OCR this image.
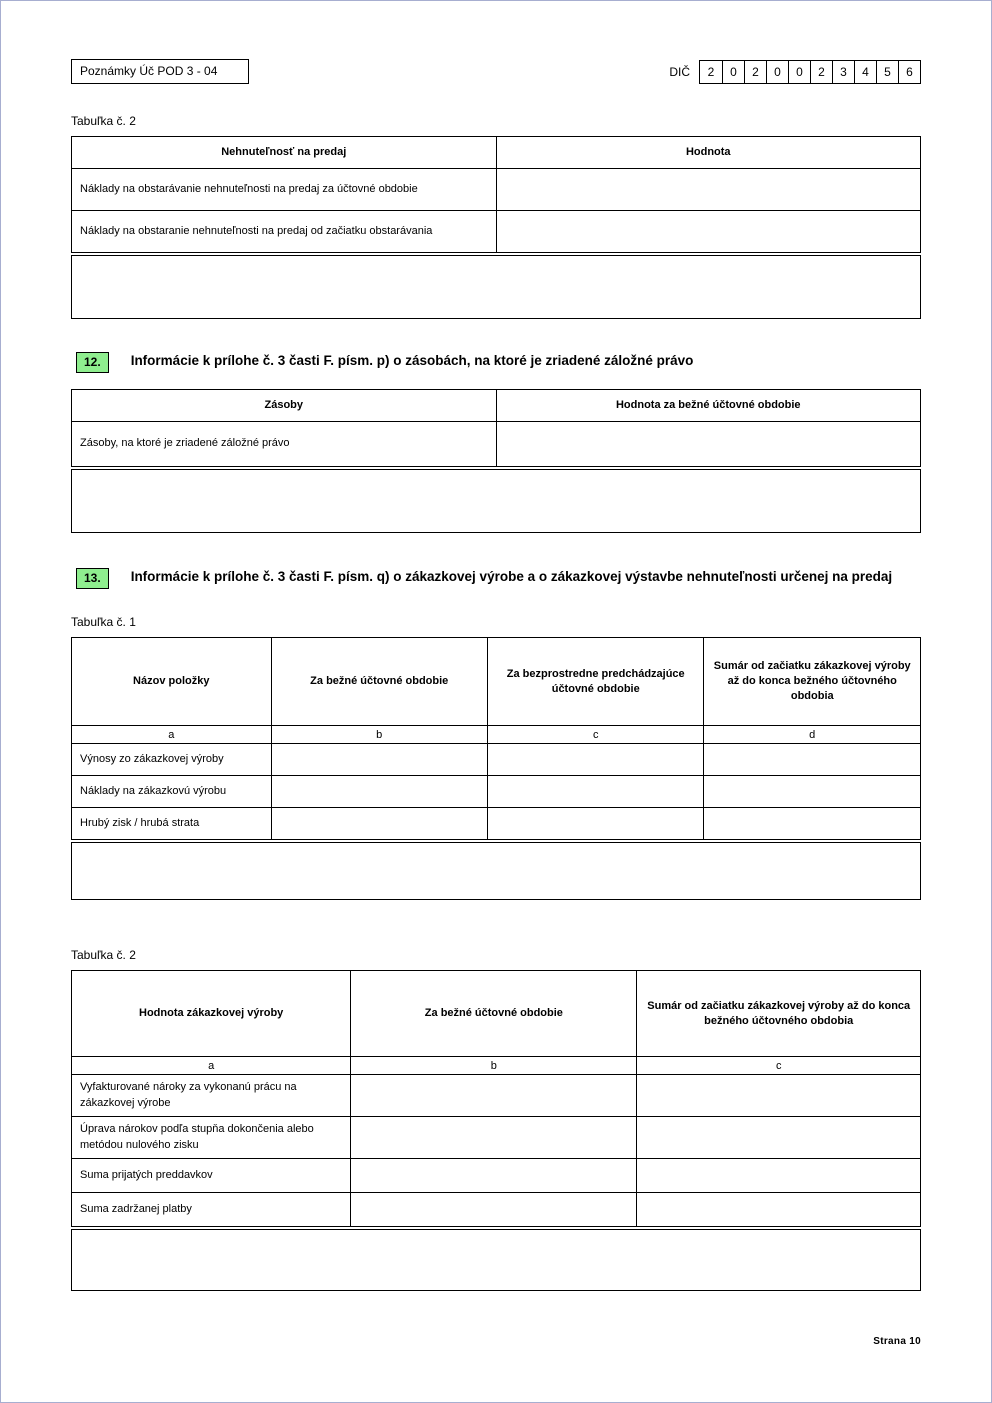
Poznámky Úč POD 3 - 04	DIČ	2	0	2	0	0	2	3	4	5	6
Tabuľka č. 2
Nehnuteľnosť na predaj	Hodnota
Náklady na obstarávanie nehnuteľnosti na predaj za účtovné obdobie	
Náklady na obstaranie nehnuteľnosti na predaj od začiatku obstarávania	
12.	Informácie k prílohe č. 3 časti F. písm. p) o zásobách, na ktoré je zriadené záložné právo
Zásoby	Hodnota za bežné účtovné obdobie
Zásoby, na ktoré je zriadené záložné právo	
13.	Informácie k prílohe č. 3 časti F. písm. q) o zákazkovej výrobe a o zákazkovej výstavbe nehnuteľnosti určenej na predaj
Tabuľka č. 1
Názov položky	Za bežné účtovné obdobie	Za bezprostredne predchádzajúce účtovné obdobie	Sumár od začiatku zákazkovej výroby až do konca bežného účtovného obdobia
a	b	c	d
Výnosy zo zákazkovej výroby			
Náklady na zákazkovú výrobu			
Hrubý zisk / hrubá strata			
Tabuľka č. 2
Hodnota zákazkovej výroby	Za bežné účtovné obdobie	Sumár od začiatku zákazkovej výroby až do konca bežného účtovného obdobia
a	b	c
Vyfakturované nároky za vykonanú prácu na zákazkovej výrobe		
Úprava nárokov podľa stupňa dokončenia alebo metódou nulového zisku		
Suma prijatých preddavkov		
Suma zadržanej platby		
Strana 10
